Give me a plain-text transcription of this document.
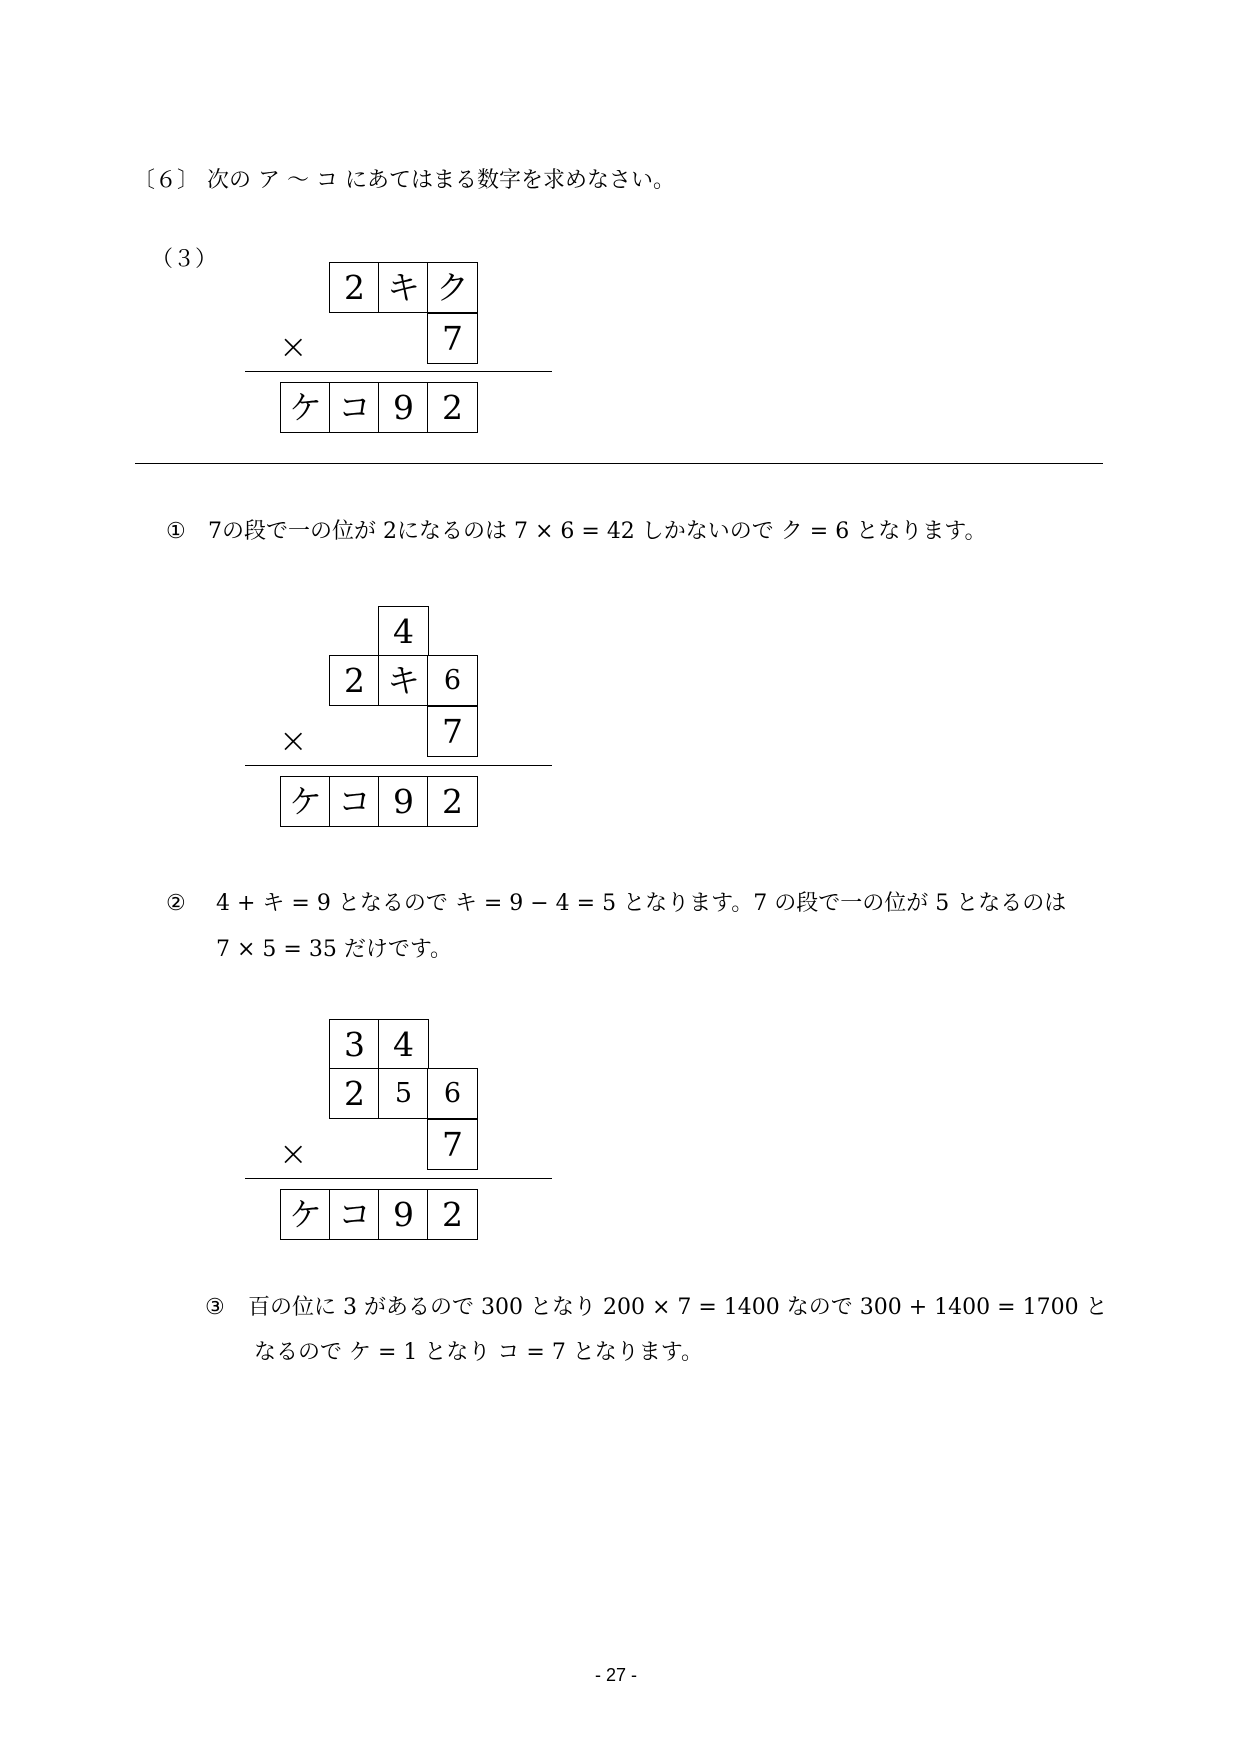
〔６〕 次の ア 〜 コ にあてはまる数字を求めなさい。
（３）
2 キ ク
×	7
ケ コ 9 2
① 7の段で一の位が 2になるのは 7 × 6 = 42 しかないので ク = 6 となります。
4
2 キ 6
×	7
ケ コ 9 2
② 4 + キ = 9 となるので キ = 9 − 4 = 5 となります。7 の段で一の位が 5 となるのは
7 × 5 = 35 だけです。
3 4
2	5	6
×	7
ケ コ 9 2
③ 百の位に 3 があるので 300 となり 200 × 7 = 1400 なので 300 + 1400 = 1700 と
なるので ケ = 1 となり コ = 7 となります。
- 27 -
